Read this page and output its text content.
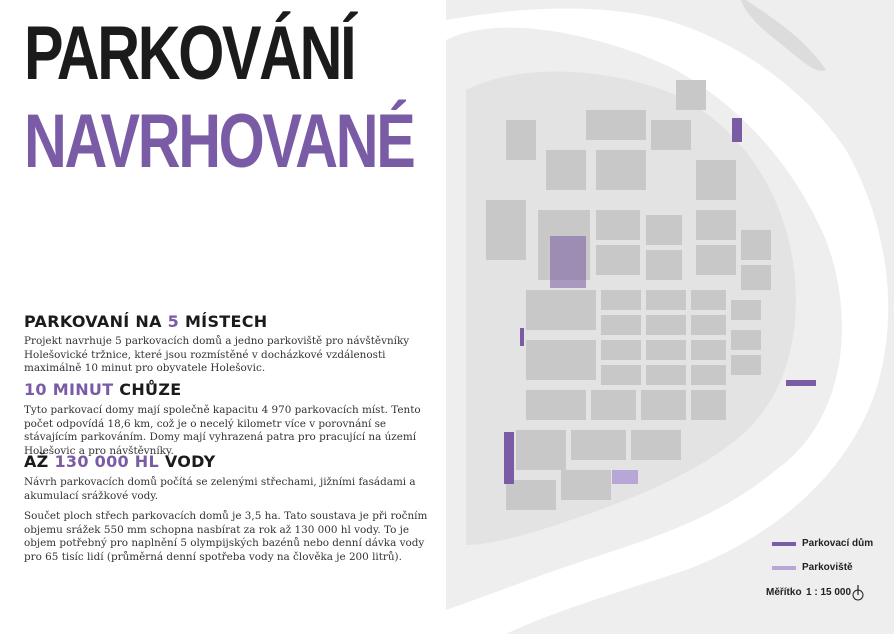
PARKOVÁNÍ
NAVRHOVANÉ
PARKOVANÍ NA 5 MÍSTECH
Projekt navrhuje 5 parkovacích domů a jedno parkoviště pro návštěvníky Holešovické tržnice, které jsou rozmístěné v docházkové vzdálenosti maximálně 10 minut pro obyvatele Holešovic.
10 MINUT CHŮZE
Tyto parkovací domy mají společně kapacitu 4 970 parkovacích míst. Tento počet odpovídá 18,6 km, což je o necelý kilometr více v porovnání se stávajícím parkováním. Domy mají vyhrazená patra pro pracující na území Holešovic a pro návštěvníky.
AŽ 130 000 HL VODY
Návrh parkovacích domů počítá se zelenými střechami, jižními fasádami a akumulací srážkové vody.
Součet ploch střech parkovacích domů je 3,5 ha. Tato soustava je při ročním objemu srážek 550 mm schopna nasbírat za rok až 130 000 hl vody. To je objem potřebný pro naplnění 5 olympijských bazénů nebo denní dávka vody pro 65 tisíc lidí (průměrná denní spotřeba vody na člověka je 200 litrů).
Parkovací dům
Parkoviště
Měřítko 1 : 15 000
